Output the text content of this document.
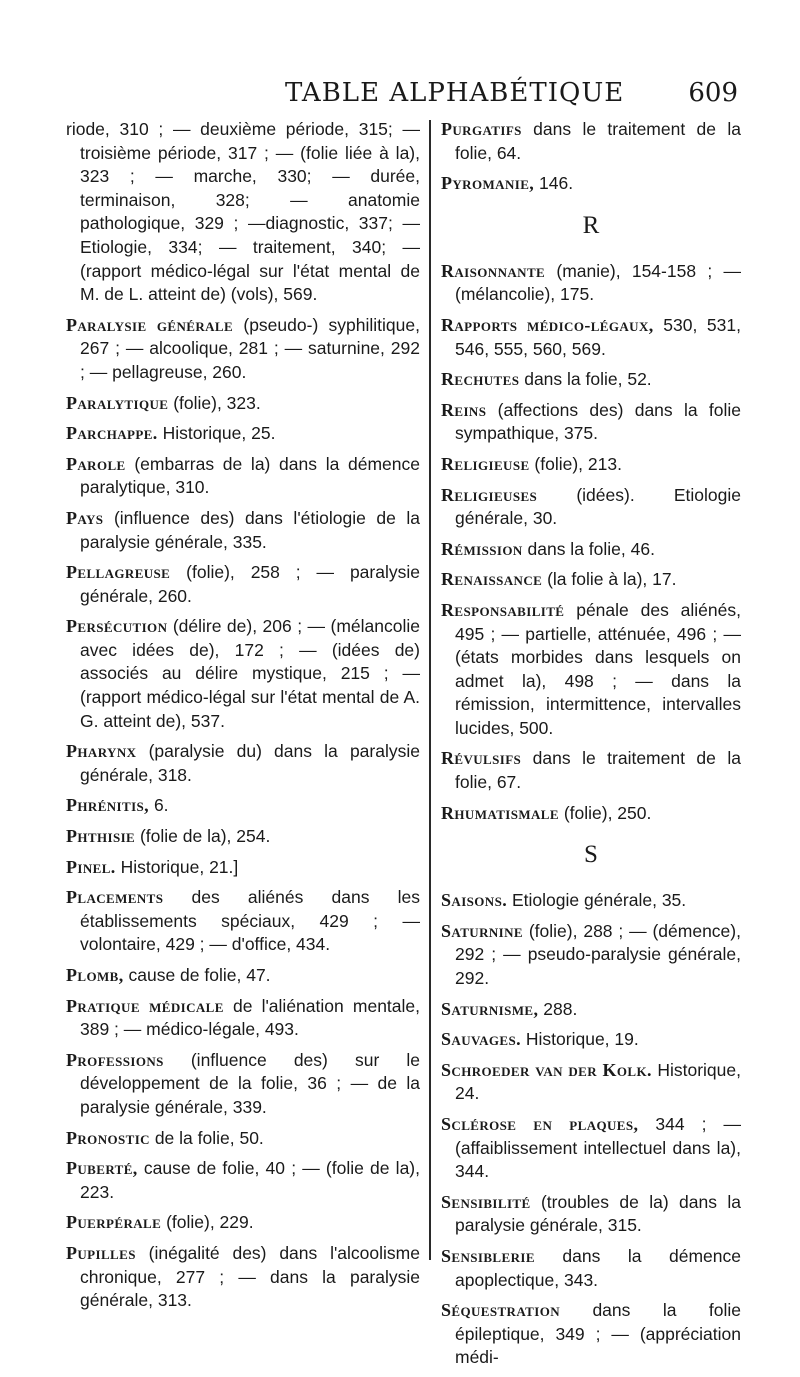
TABLE ALPHABÉTIQUE 609
riode, 310 ; — deuxième période, 315; — troisième période, 317 ; — (folie liée à la), 323 ; — marche, 330; — durée, terminaison, 328; — anatomie pathologique, 329 ; —diagnostic, 337; — Etiologie, 334; — traitement, 340; — (rapport médico-légal sur l'état mental de M. de L. atteint de) (vols), 569.
Paralysie générale (pseudo-) syphilitique, 267 ; — alcoolique, 281 ; — saturnine, 292 ; — pellagreuse, 260.
Paralytique (folie), 323.
Parchappe. Historique, 25.
Parole (embarras de la) dans la démence paralytique, 310.
Pays (influence des) dans l'étiologie de la paralysie générale, 335.
Pellagreuse (folie), 258 ; — paralysie générale, 260.
Persécution (délire de), 206 ; — (mélancolie avec idées de), 172 ; — (idées de) associés au délire mystique, 215 ; — (rapport médico-légal sur l'état mental de A. G. atteint de), 537.
Pharynx (paralysie du) dans la paralysie générale, 318.
Phrénitis, 6.
Phthisie (folie de la), 254.
Pinel. Historique, 21.]
Placements des aliénés dans les établissements spéciaux, 429 ; — volontaire, 429 ; — d'office, 434.
Plomb, cause de folie, 47.
Pratique médicale de l'aliénation mentale, 389 ; — médico-légale, 493.
Professions (influence des) sur le développement de la folie, 36 ; — de la paralysie générale, 339.
Pronostic de la folie, 50.
Puberté, cause de folie, 40 ; — (folie de la), 223.
Puerpérale (folie), 229.
Pupilles (inégalité des) dans l'alcoolisme chronique, 277 ; — dans la paralysie générale, 313.
Purgatifs dans le traitement de la folie, 64.
Pyromanie, 146.
R
Raisonnante (manie), 154-158 ; — (mélancolie), 175.
Rapports médico-légaux, 530, 531, 546, 555, 560, 569.
Rechutes dans la folie, 52.
Reins (affections des) dans la folie sympathique, 375.
Religieuse (folie), 213.
Religieuses (idées). Etiologie générale, 30.
Rémission dans la folie, 46.
Renaissance (la folie à la), 17.
Responsabilité pénale des aliénés, 495 ; — partielle, atténuée, 496 ; — (états morbides dans lesquels on admet la), 498 ; — dans la rémission, intermittence, intervalles lucides, 500.
Révulsifs dans le traitement de la folie, 67.
Rhumatismale (folie), 250.
S
Saisons. Etiologie générale, 35.
Saturnine (folie), 288 ; — (démence), 292 ; — pseudo-paralysie générale, 292.
Saturnisme, 288.
Sauvages. Historique, 19.
Schroeder van der Kolk. Historique, 24.
Sclérose en plaques, 344 ; — (affaiblissement intellectuel dans la), 344.
Sensibilité (troubles de la) dans la paralysie générale, 315.
Sensiblerie dans la démence apoplectique, 343.
Séquestration dans la folie épileptique, 349 ; — (appréciation médi-
